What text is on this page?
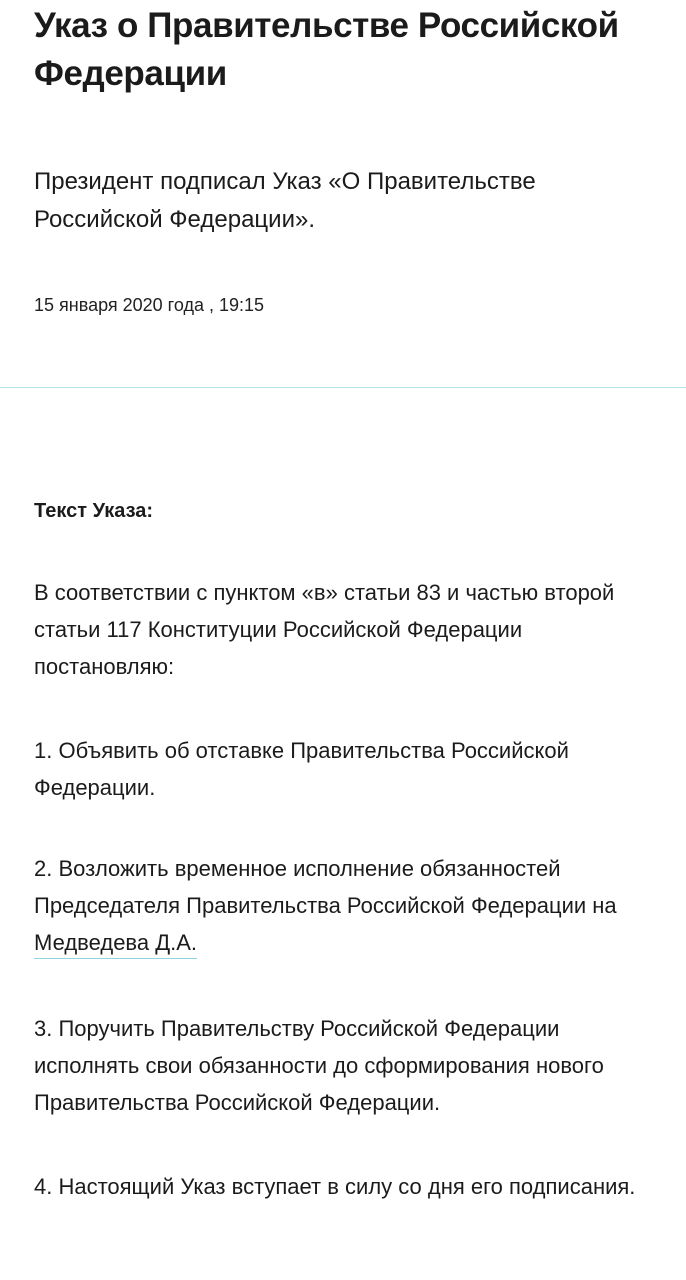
Указ о Правительстве Российской Федерации

Президент подписал Указ «О Правительстве Российской Федерации».

15 января 2020 года , 19:15

Текст Указа:

В соответствии с пунктом «в» статьи 83 и частью второй статьи 117 Конституции Российской Федерации постановляю:

1. Объявить об отставке Правительства Российской Федерации.

2. Возложить временное исполнение обязанностей Председателя Правительства Российской Федерации на Медведева Д.А.

3. Поручить Правительству Российской Федерации исполнять свои обязанности до сформирования нового Правительства Российской Федерации.

4. Настоящий Указ вступает в силу со дня его подписания.
